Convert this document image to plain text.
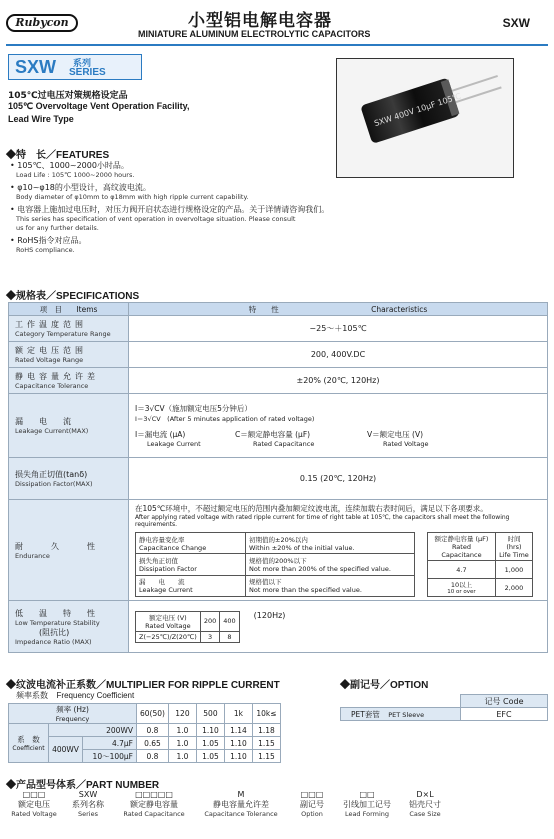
Rubycon	小型铝电解电容器
MINIATURE ALUMINUM ELECTROLYTIC CAPACITORS
SXW
SXW 系列
SERIES
105℃过电压对策规格设定品
105℃ Overvoltage Vent Operation Facility,
Lead Wire Type	SXW 400V 10μF 105℃
◆特　长／FEATURES
• 105℃、1000~2000小时品。
Load Life : 105℃ 1000~2000 hours.
• φ10~φ18的小型设计，高纹波电流。
Body diameter of φ10mm to φ18mm with high ripple current capability.
• 电容器上施加过电压时，对压力阀开启状态进行规格设定的产品。关于详情请咨询我们。
This series has specification of vent operation in overvoltage situation. Please consult
us for any further details.
• RoHS指令对应品。
RoHS compliance.
◆规格表／SPECIFICATIONS
项　目 Items	特　　性	Characteristics

工作温度范围
Category Temperature Range
	−25～＋105℃

额定电压范围
Rated Voltage Range
	200, 400V.DC

静电容量允许差
Capacitance Tolerance
	±20% (20℃, 120Hz)

漏　电　流
Leakage Current(MAX)

I＝3√CV（施加额定电压5分钟后）
I＝3√CV　(After 5 minutes application of rated voltage)
I＝漏电流 (μA)
Leakage Current
C＝额定静电容量 (μF)
Rated Capacitance
V＝额定电压 (V)
Rated Voltage

损失角正切值(tanδ)
Dissipation Factor(MAX)
	0.15 (20℃, 120Hz)

耐　　久　　性
Endurance

在105℃环境中，不超过额定电压的范围内叠加额定纹波电流，连续加载右表时间后，满足以下各项要求。
After applying rated voltage with rated ripple current for time of right table at 105℃, the capacitors shall meet the following requirements.
静电容量变化率
Capacitance Change

初期值的±20%以内
Within ±20% of the initial value.

损失角正切值
Dissipation Factor

规格值的200%以下
Not more than 200% of the specified value.

漏　　电　　流
Leakage Current

规格值以下
Not more than the specified value.
额定静电容量 (μF)
Rated Capacitance

时间 (hrs)
Life Time

4.7	1,000

10以上
10 or over
	2,000

低　温　特　性
Low Temperature Stability
(阻抗比)
Impedance Ratio (MAX)

额定电压 (V)
Rated Voltage
	200	400
Z(−25℃)/Z(20℃)	3	8
(120Hz)
◆纹波电流补正系数／MULTIPLIER FOR RIPPLE CURRENT
频率系数 Frequency Coefficient
频率 (Hz)
Frequency			60(50)	120	500	1k	10k≤

系　数
Coefficient	200WV		0.8	1.0	1.10	1.14	1.18
	400WV	4.7μF	0.65	1.0	1.05	1.10	1.15
		10～100μF	0.8	1.0	1.05	1.10	1.15
◆副记号／OPTION
	记号 Code
PET套管 PET Sleeve	EFC
◆产品型号体系／PART NUMBER
□□□
额定电压
Rated Voltage
SXW
系列名称
Series
□□□□□
额定静电容量
Rated Capacitance
M
静电容量允许差
Capacitance Tolerance
□□□
副记号
Option
□□
引线加工记号
Lead Forming
D×L
铝壳尺寸
Case Size
